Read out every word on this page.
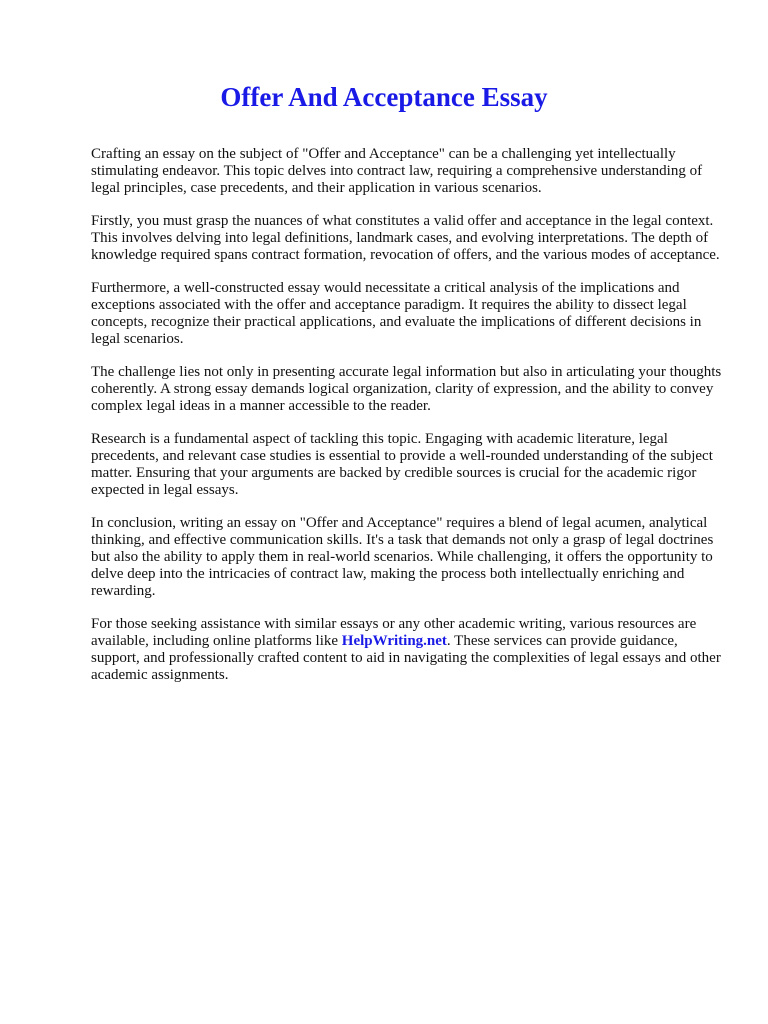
Offer And Acceptance Essay

Crafting an essay on the subject of "Offer and Acceptance" can be a challenging yet intellectually stimulating endeavor. This topic delves into contract law, requiring a comprehensive understanding of legal principles, case precedents, and their application in various scenarios.

Firstly, you must grasp the nuances of what constitutes a valid offer and acceptance in the legal context. This involves delving into legal definitions, landmark cases, and evolving interpretations. The depth of knowledge required spans contract formation, revocation of offers, and the various modes of acceptance.

Furthermore, a well-constructed essay would necessitate a critical analysis of the implications and exceptions associated with the offer and acceptance paradigm. It requires the ability to dissect legal concepts, recognize their practical applications, and evaluate the implications of different decisions in legal scenarios.

The challenge lies not only in presenting accurate legal information but also in articulating your thoughts coherently. A strong essay demands logical organization, clarity of expression, and the ability to convey complex legal ideas in a manner accessible to the reader.

Research is a fundamental aspect of tackling this topic. Engaging with academic literature, legal precedents, and relevant case studies is essential to provide a well-rounded understanding of the subject matter. Ensuring that your arguments are backed by credible sources is crucial for the academic rigor expected in legal essays.

In conclusion, writing an essay on "Offer and Acceptance" requires a blend of legal acumen, analytical thinking, and effective communication skills. It's a task that demands not only a grasp of legal doctrines but also the ability to apply them in real-world scenarios. While challenging, it offers the opportunity to delve deep into the intricacies of contract law, making the process both intellectually enriching and rewarding.

For those seeking assistance with similar essays or any other academic writing, various resources are available, including online platforms like HelpWriting.net. These services can provide guidance, support, and professionally crafted content to aid in navigating the complexities of legal essays and other academic assignments.
